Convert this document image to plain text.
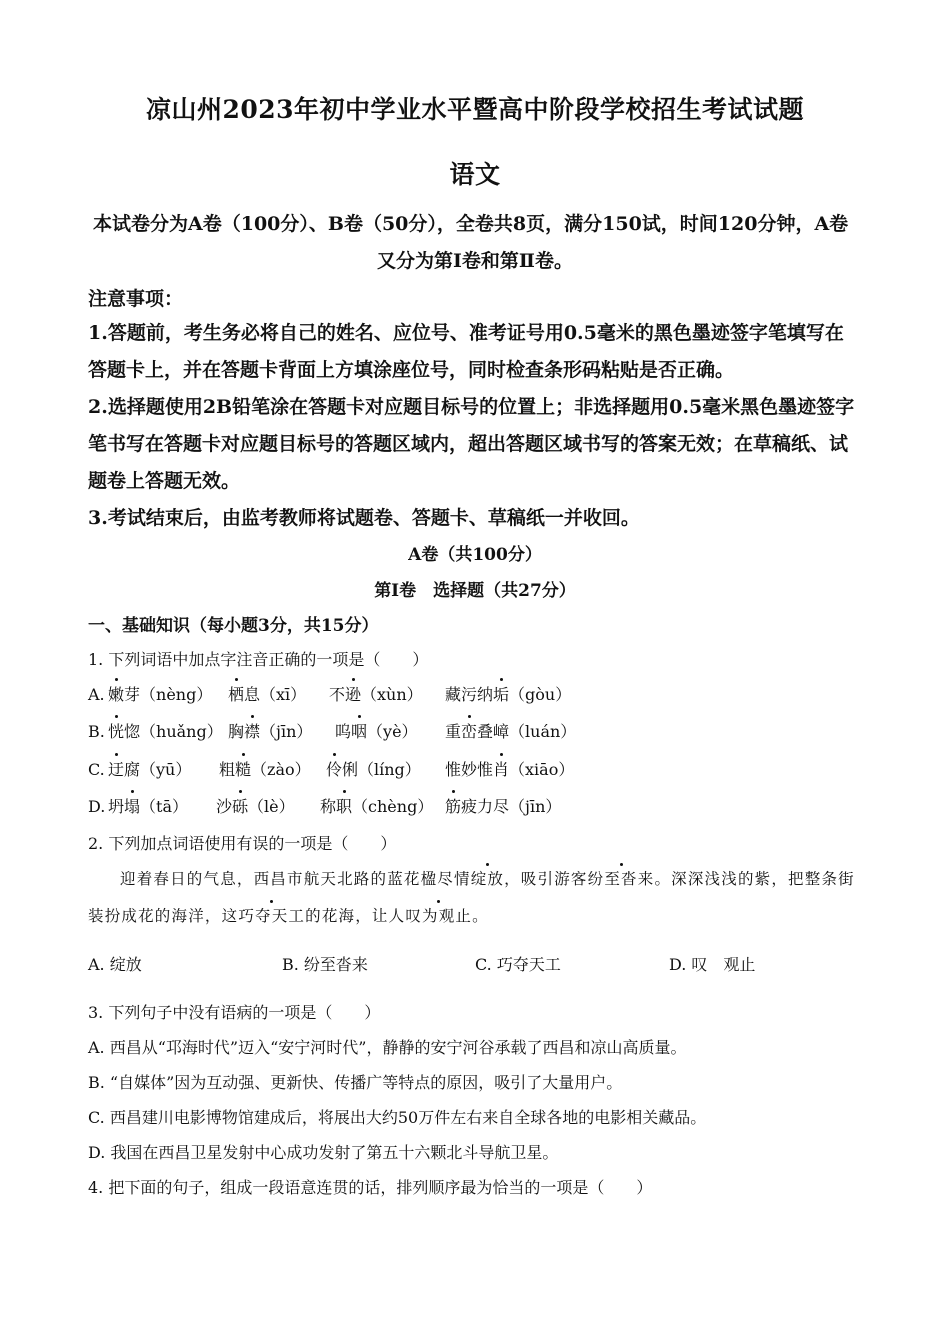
凉山州2023年初中学业水平暨高中阶段学校招生考试试题
语文
本试卷分为A卷（100分）、B卷（50分），全卷共8页，满分150试，时间120分钟，A卷
又分为第Ⅰ卷和第Ⅱ卷。
注意事项：
1.答题前，考生务必将自己的姓名、应位号、准考证号用0.5毫米的黑色墨迹签字笔填写在
答题卡上，并在答题卡背面上方填涂座位号，同时检查条形码粘贴是否正确。
2.选择题使用2B铅笔涂在答题卡对应题目标号的位置上；非选择题用0.5毫米黑色墨迹签字
笔书写在答题卡对应题目标号的答题区域内，超出答题区域书写的答案无效；在草稿纸、试
题卷上答题无效。
3.考试结束后，由监考教师将试题卷、答题卡、草稿纸一并收回。
A卷（共100分）
第Ⅰ卷　选择题（共27分）
一、基础知识（每小题3分，共15分）
1. 下列词语中加点字注音正确的一项是（　　）
A. 嫩芽（nèng） 栖息（xī） 不逊（xùn） 藏污纳垢（gòu）
B. 恍惚（huǎng） 胸襟（jīn） 呜咽（yè） 重峦叠嶂（luán）
C. 迂腐（yū） 粗糙（zào） 伶俐（líng） 惟妙惟肖（xiāo）
D. 坍塌（tā） 沙砾（lè） 称职（chèng） 筋疲力尽（jīn）
2. 下列加点词语使用有误的一项是（　　）
迎着春日的气息，西昌市航天北路的蓝花楹尽情绽放，吸引游客纷至沓来。深深浅浅的紫，把整条街
装扮成花的海洋，这巧夺天工的花海，让人叹为观止。
A. 绽放	B. 纷至沓来	C. 巧夺天工	D. 叹　观止
3. 下列句子中没有语病的一项是（　　）
A. 西昌从“邛海时代”迈入“安宁河时代”，静静的安宁河谷承载了西昌和凉山高质量。
B. “自媒体”因为互动强、更新快、传播广等特点的原因，吸引了大量用户。
C. 西昌建川电影博物馆建成后，将展出大约50万件左右来自全球各地的电影相关藏品。
D. 我国在西昌卫星发射中心成功发射了第五十六颗北斗导航卫星。
4. 把下面的句子，组成一段语意连贯的话，排列顺序最为恰当的一项是（　　）
